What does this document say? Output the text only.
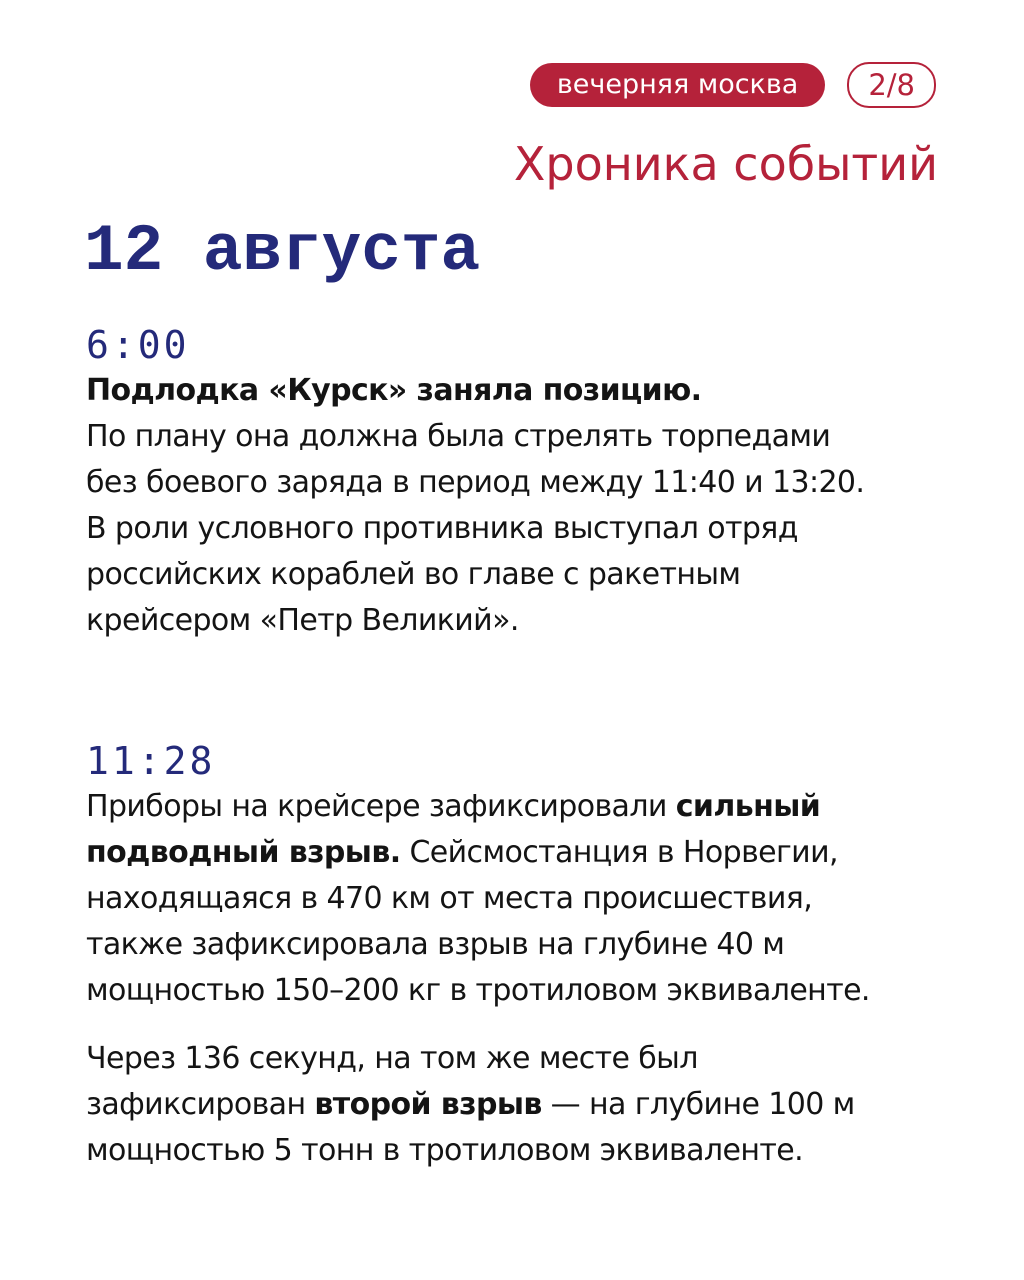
вечерняя москва	2/8
Хроника событий
12 августа
6:00
Подлодка «Курск» заняла позицию.
По плану она должна была стрелять торпедами
без боевого заряда в период между 11:40 и 13:20.
В роли условного противника выступал отряд
российских кораблей во главе с ракетным
крейсером «Петр Великий».
11:28
Приборы на крейсере зафиксировали сильный
подводный взрыв. Сейсмостанция в Норвегии,
находящаяся в 470 км от места происшествия,
также зафиксировала взрыв на глубине 40 м
мощностью 150–200 кг в тротиловом эквиваленте.
Через 136 секунд, на том же месте был
зафиксирован второй взрыв — на глубине 100 м
мощностью 5 тонн в тротиловом эквиваленте.
